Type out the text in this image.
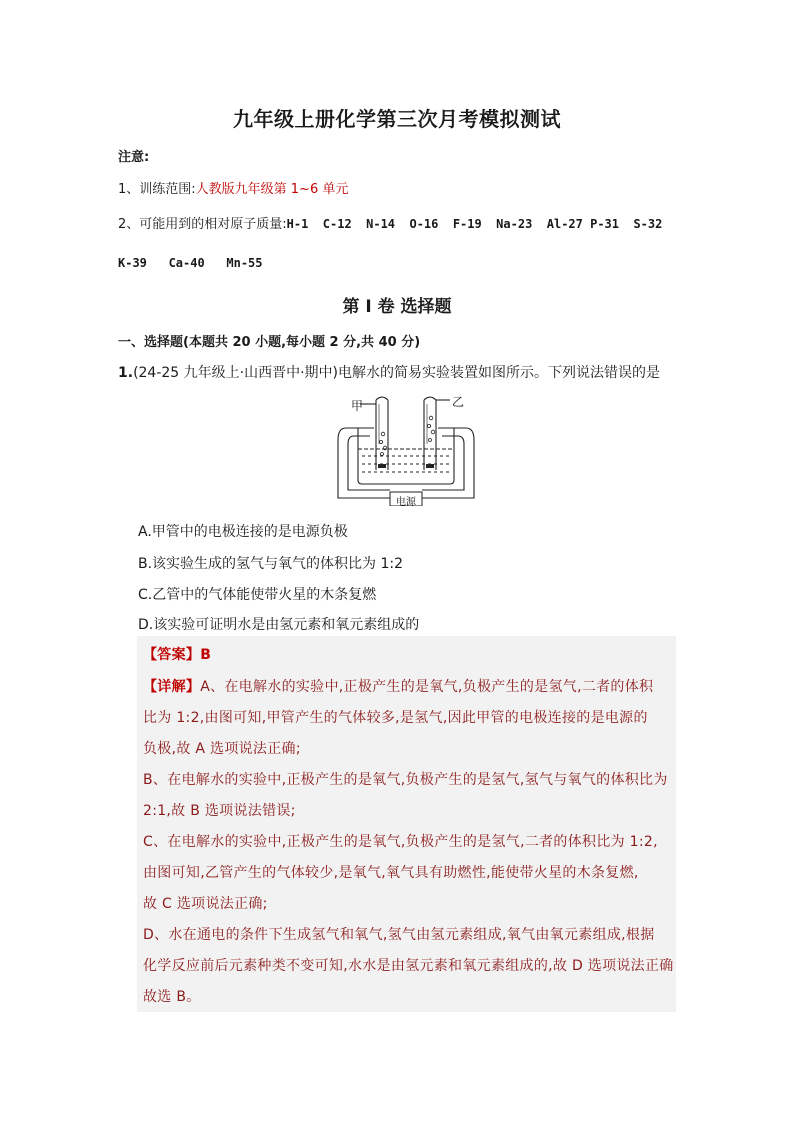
九年级上册化学第三次月考模拟测试
注意:
1、训练范围:人教版九年级第 1~6 单元
2、可能用到的相对原子质量:H-1  C-12  N-14  O-16  F-19  Na-23  Al-27 P-31  S-32
K-39   Ca-40   Mn-55
第 I 卷 选择题
一、选择题(本题共 20 小题,每小题 2 分,共 40 分)
1.(24-25 九年级上·山西晋中·期中)电解水的简易实验装置如图所示。下列说法错误的是
甲	乙
电源
A.甲管中的电极连接的是电源负极
B.该实验生成的氢气与氧气的体积比为 1:2
C.乙管中的气体能使带火星的木条复燃
D.该实验可证明水是由氢元素和氧元素组成的
【答案】B
【详解】A、在电解水的实验中,正极产生的是氧气,负极产生的是氢气,二者的体积
比为 1:2,由图可知,甲管产生的气体较多,是氢气,因此甲管的电极连接的是电源的
负极,故 A 选项说法正确;
B、在电解水的实验中,正极产生的是氧气,负极产生的是氢气,氢气与氧气的体积比为
2:1,故 B 选项说法错误;
C、在电解水的实验中,正极产生的是氧气,负极产生的是氢气,二者的体积比为 1:2,
由图可知,乙管产生的气体较少,是氧气,氧气具有助燃性,能使带火星的木条复燃,
故 C 选项说法正确;
D、水在通电的条件下生成氢气和氧气,氢气由氢元素组成,氧气由氧元素组成,根据
化学反应前后元素种类不变可知,水水是由氢元素和氧元素组成的,故 D 选项说法正确
故选 B。
